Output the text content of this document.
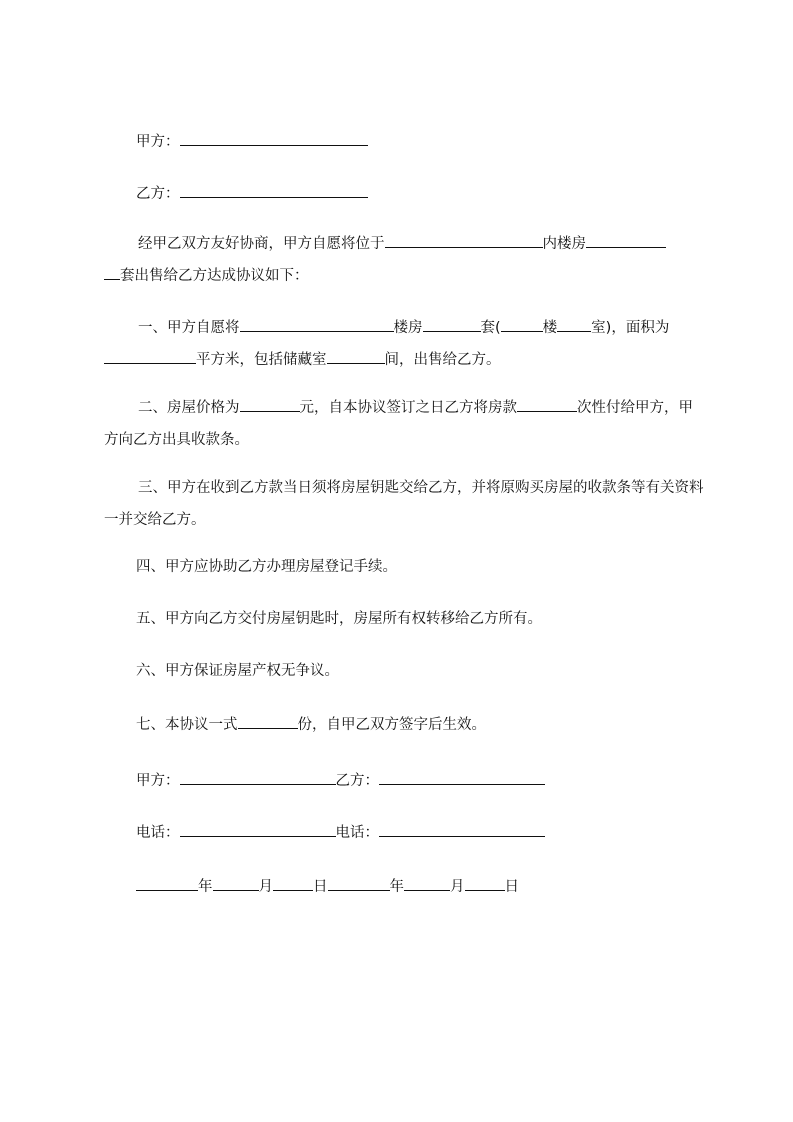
甲方：
乙方：
经甲乙双方友好协商，甲方自愿将位于	内楼房
套出售给乙方达成协议如下：
一、甲方自愿将	楼房	套(	楼 室)，面积为平方米，包括储藏室	间，出售给乙方。
二、房屋价格为	元，自本协议签订之日乙方将房款	次性付给甲方，甲方向乙方出具收款条。
三、甲方在收到乙方款当日须将房屋钥匙交给乙方，并将原购买房屋的收款条等有关资料一并交给乙方。
四、甲方应协助乙方办理房屋登记手续。
五、甲方向乙方交付房屋钥匙时，房屋所有权转移给乙方所有。
六、甲方保证房屋产权无争议。
七、本协议一式	份，自甲乙双方签字后生效。
甲方：	乙方：
电话：	电话：
年	月	日	年	月	日
